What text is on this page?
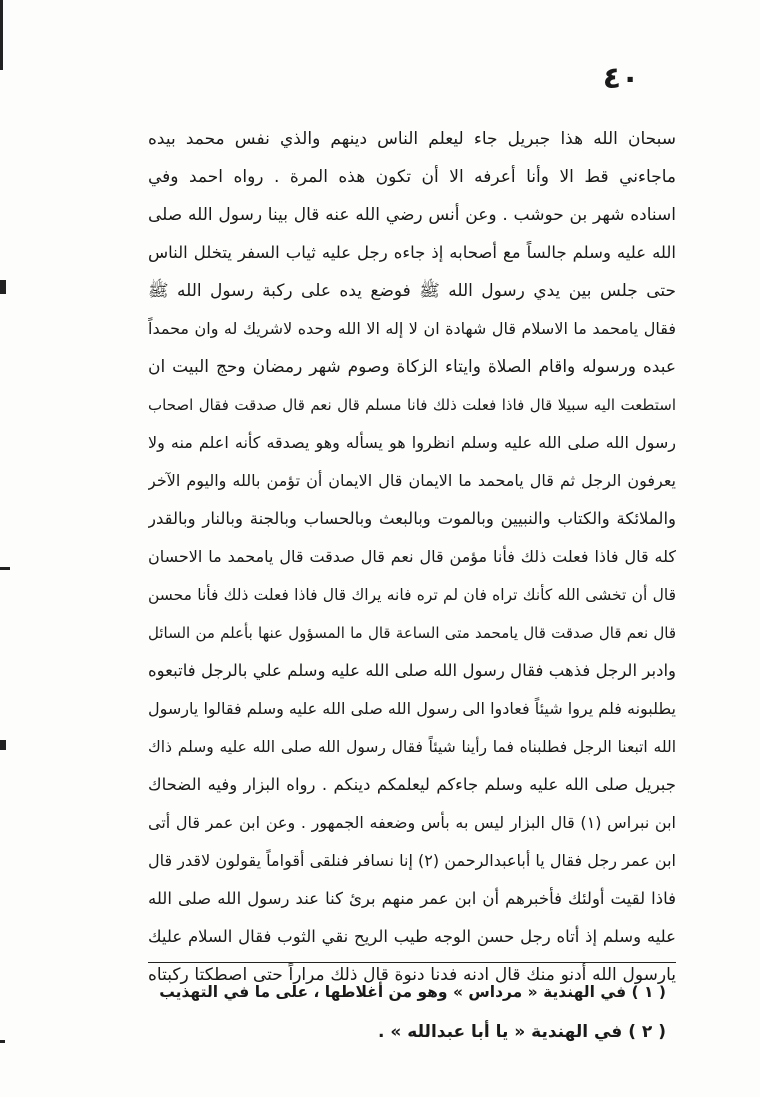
٤٠
سبحان الله هذا جبريل جاء ليعلم الناس دينهم والذي نفس محمد بيده
ماجاءني قط الا وأنا أعرفه الا أن تكون هذه المرة . رواه احمد وفي
اسناده شهر بن حوشب . وعن أنس رضي الله عنه قال بينا رسول الله صلى
الله عليه وسلم جالساً مع أصحابه إذ جاءه رجل عليه ثياب السفر يتخلل الناس
حتى جلس بين يدي رسول الله ﷺ فوضع يده على ركبة رسول الله ﷺ
فقال يامحمد ما الاسلام قال شهادة ان لا إله الا الله وحده لاشريك له وان محمداً
عبده ورسوله واقام الصلاة وايتاء الزكاة وصوم شهر رمضان وحج البيت ان
استطعت اليه سبيلا قال فاذا فعلت ذلك فانا مسلم قال نعم قال صدقت فقال اصحاب
رسول الله صلى الله عليه وسلم انظروا هو يسأله وهو يصدقه كأنه اعلم منه ولا
يعرفون الرجل ثم قال يامحمد ما الايمان قال الايمان أن تؤمن بالله واليوم الآخر
والملائكة والكتاب والنبيين وبالموت وبالبعث وبالحساب وبالجنة وبالنار وبالقدر
كله قال فاذا فعلت ذلك فأنا مؤمن قال نعم قال صدقت قال يامحمد ما الاحسان
قال أن تخشى الله كأنك تراه فان لم تره فانه يراك قال فاذا فعلت ذلك فأنا محسن
قال نعم قال صدقت قال يامحمد متى الساعة قال ما المسؤول عنها بأعلم من السائل
وادبر الرجل فذهب فقال رسول الله صلى الله عليه وسلم علي بالرجل فاتبعوه
يطلبونه فلم يروا شيئاً فعادوا الى رسول الله صلى الله عليه وسلم فقالوا يارسول
الله اتبعنا الرجل فطلبناه فما رأينا شيئاً فقال رسول الله صلى الله عليه وسلم ذاك
جبريل صلى الله عليه وسلم جاءكم ليعلمكم دينكم . رواه البزار وفيه الضحاك
ابن نبراس (١) قال البزار ليس به بأس وضعفه الجمهور . وعن ابن عمر قال أتى
ابن عمر رجل فقال يا أباعبدالرحمن (٢) إنا نسافر فنلقى أقواماً يقولون لاقدر قال
فاذا لقيت أولئك فأخبرهم أن ابن عمر منهم برئ كنا عند رسول الله صلى الله
عليه وسلم إذ أتاه رجل حسن الوجه طيب الريح نقي الثوب فقال السلام عليك
يارسول الله أدنو منك قال ادنه فدنا دنوة قال ذلك مراراً حتى اصطكتا ركبتاه
( ١ ) في الهندية « مرداس » وهو من أغلاطها ، على ما في التهذيب
( ٢ ) في الهندية « يا أبا عبدالله » .
